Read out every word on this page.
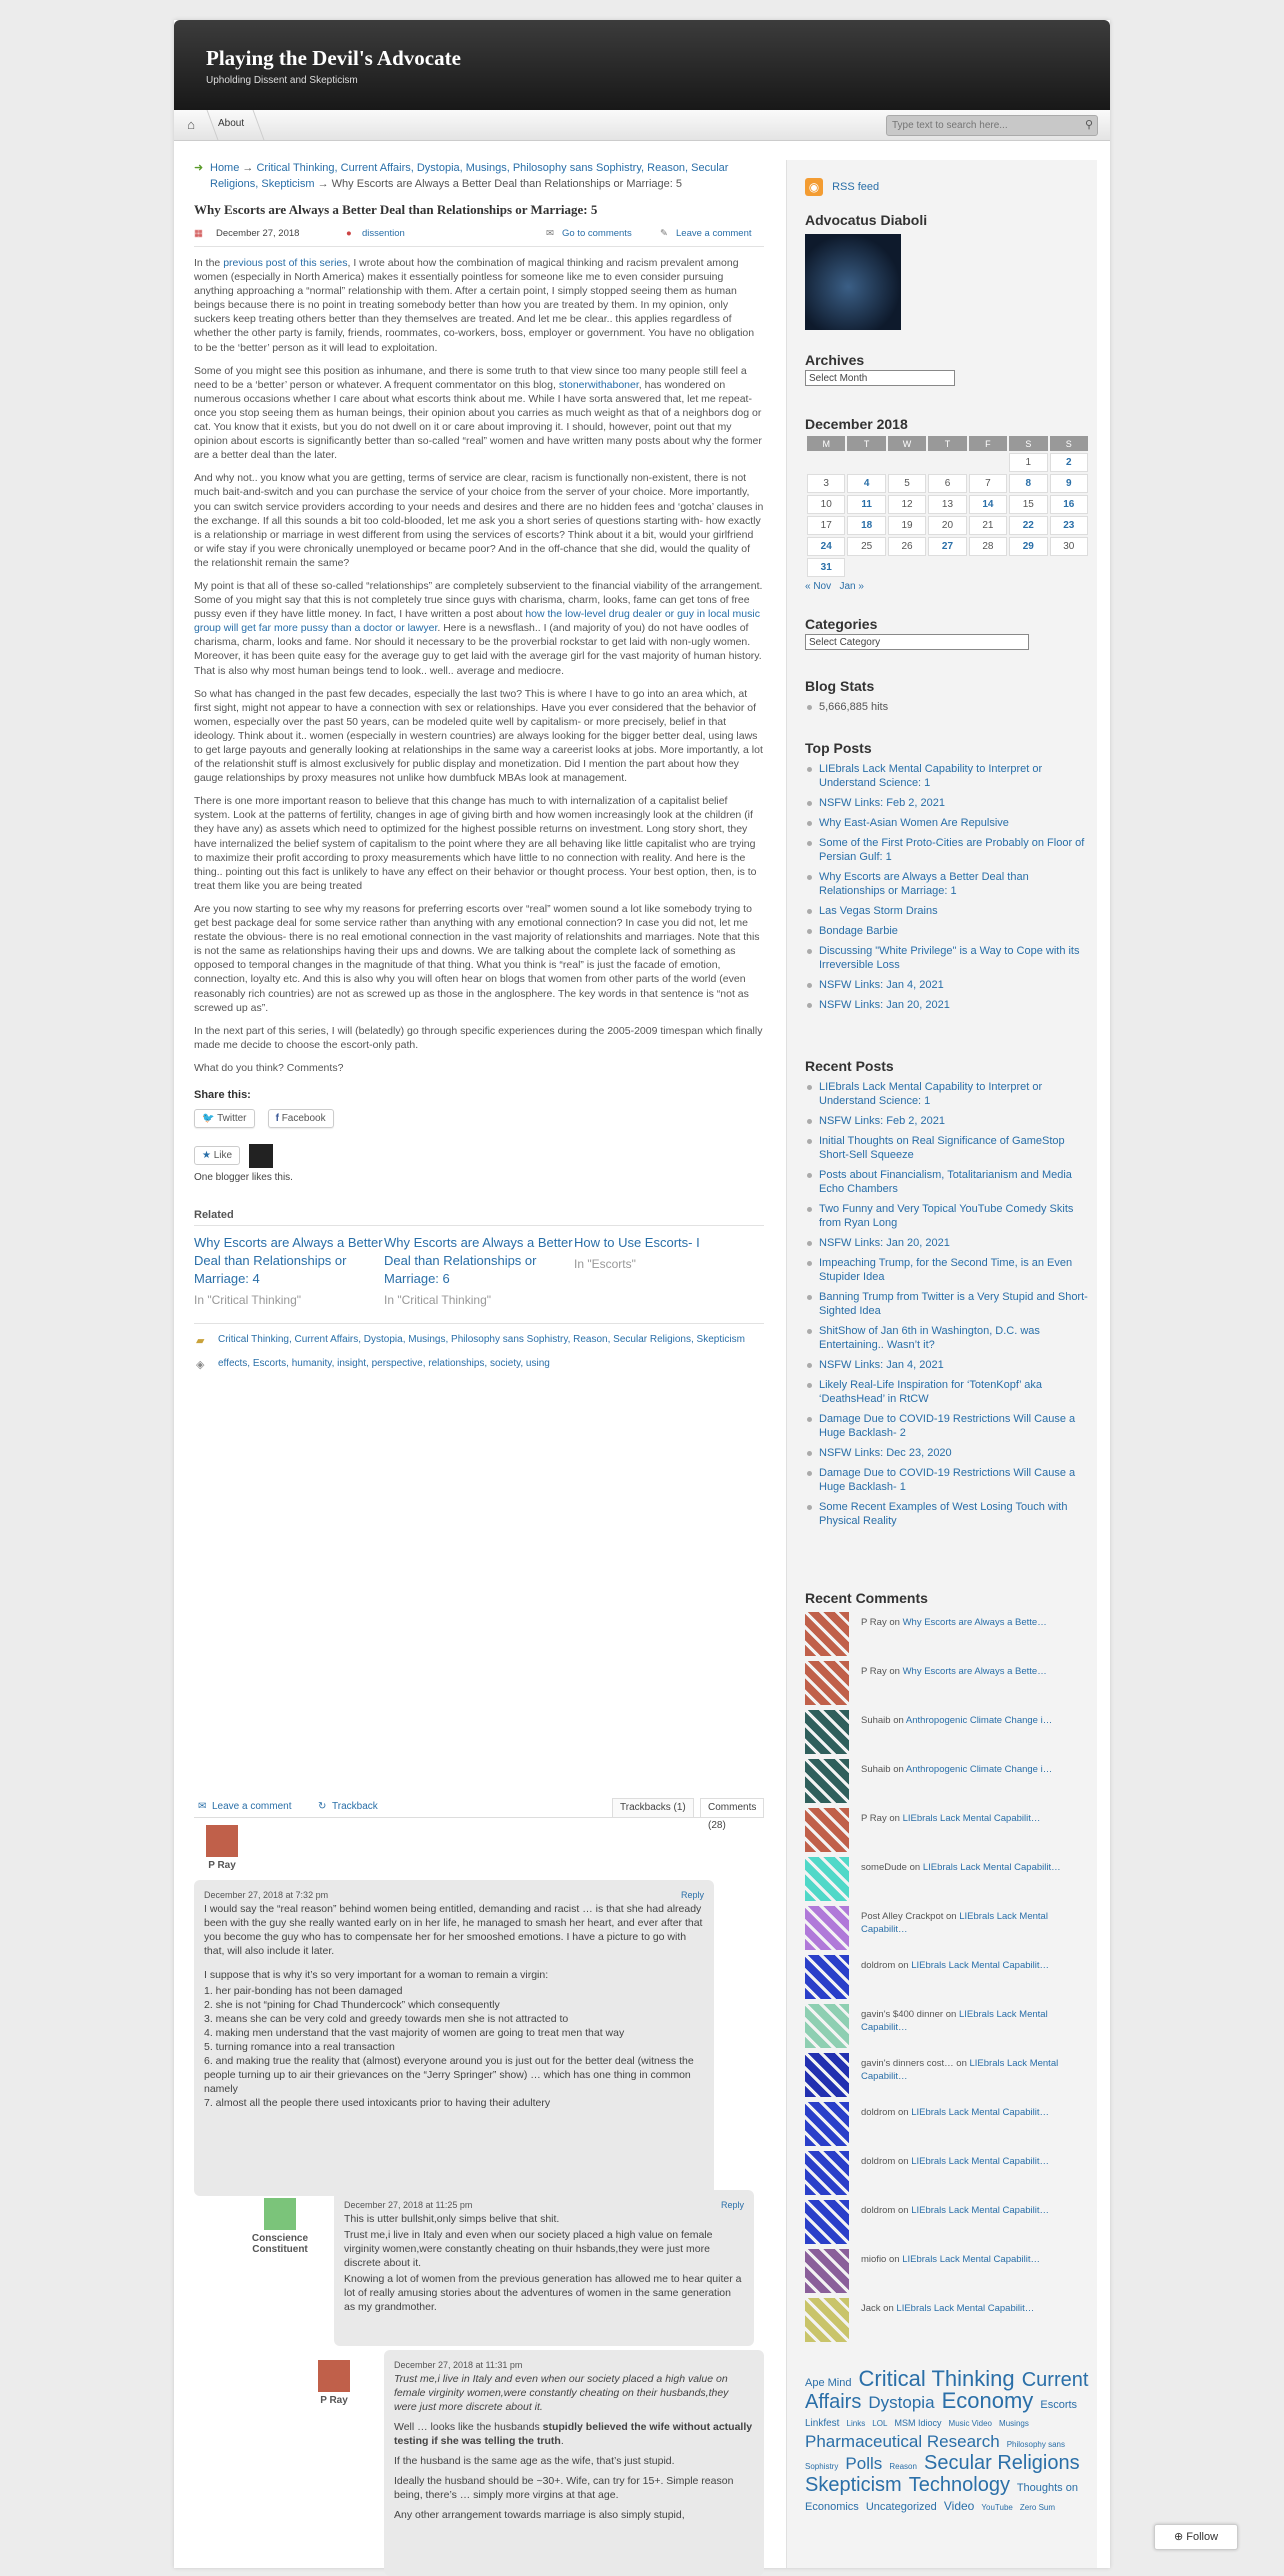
Playing the Devil's Advocate
Upholding Dissent and Skepticism
⌂	About
Type text to search here...	⚲
➜ Home → Critical Thinking, Current Affairs, Dystopia, Musings, Philosophy sans Sophistry, Reason, Secular Religions, Skepticism → Why Escorts are Always a Better Deal than Relationships or Marriage: 5
Why Escorts are Always a Better Deal than Relationships or Marriage: 5
▦ December 27, 2018	● dissention	✉ Go to comments	✎ Leave a comment

In the previous post of this series, I wrote about how the combination of magical thinking and racism prevalent among women (especially in North America) makes it essentially pointless for someone like me to even consider pursuing anything approaching a “normal” relationship with them. After a certain point, I simply stopped seeing them as human beings because there is no point in treating somebody better than how you are treated by them. In my opinion, only suckers keep treating others better than they themselves are treated. And let me be clear.. this applies regardless of whether the other party is family, friends, roommates, co-workers, boss, employer or government. You have no obligation to be the ‘better’ person as it will lead to exploitation.

Some of you might see this position as inhumane, and there is some truth to that view since too many people still feel a need to be a ‘better’ person or whatever. A frequent commentator on this blog, stonerwithaboner, has wondered on numerous occasions whether I care about what escorts think about me. While I have sorta answered that, let me repeat- once you stop seeing them as human beings, their opinion about you carries as much weight as that of a neighbors dog or cat. You know that it exists, but you do not dwell on it or care about improving it. I should, however, point out that my opinion about escorts is significantly better than so-called “real” women and have written many posts about why the former are a better deal than the later.

And why not.. you know what you are getting, terms of service are clear, racism is functionally non-existent, there is not much bait-and-switch and you can purchase the service of your choice from the server of your choice. More importantly, you can switch service providers according to your needs and desires and there are no hidden fees and ‘gotcha’ clauses in the exchange. If all this sounds a bit too cold-blooded, let me ask you a short series of questions starting with- how exactly is a relationship or marriage in west different from using the services of escorts? Think about it a bit, would your girlfriend or wife stay if you were chronically unemployed or became poor? And in the off-chance that she did, would the quality of the relationshit remain the same?

My point is that all of these so-called “relationships” are completely subservient to the financial viability of the arrangement. Some of you might say that this is not completely true since guys with charisma, charm, looks, fame can get tons of free pussy even if they have little money. In fact, I have written a post about how the low-level drug dealer or guy in local music group will get far more pussy than a doctor or lawyer. Here is a newsflash.. I (and majority of you) do not have oodles of charisma, charm, looks and fame. Nor should it necessary to be the proverbial rockstar to get laid with non-ugly women. Moreover, it has been quite easy for the average guy to get laid with the average girl for the vast majority of human history. That is also why most human beings tend to look.. well.. average and mediocre.

So what has changed in the past few decades, especially the last two? This is where I have to go into an area which, at first sight, might not appear to have a connection with sex or relationships. Have you ever considered that the behavior of women, especially over the past 50 years, can be modeled quite well by capitalism- or more precisely, belief in that ideology. Think about it.. women (especially in western countries) are always looking for the bigger better deal, using laws to get large payouts and generally looking at relationships in the same way a careerist looks at jobs. More importantly, a lot of the relationshit stuff is almost exclusively for public display and monetization. Did I mention the part about how they gauge relationships by proxy measures not unlike how dumbfuck MBAs look at management.

There is one more important reason to believe that this change has much to with internalization of a capitalist belief system. Look at the patterns of fertility, changes in age of giving birth and how women increasingly look at the children (if they have any) as assets which need to optimized for the highest possible returns on investment. Long story short, they have internalized the belief system of capitalism to the point where they are all behaving like little capitalist who are trying to maximize their profit according to proxy measurements which have little to no connection with reality. And here is the thing.. pointing out this fact is unlikely to have any effect on their behavior or thought process. Your best option, then, is to treat them like you are being treated

Are you now starting to see why my reasons for preferring escorts over “real” women sound a lot like somebody trying to get best package deal for some service rather than anything with any emotional connection? In case you did not, let me restate the obvious- there is no real emotional connection in the vast majority of relationshits and marriages. Note that this is not the same as relationships having their ups and downs. We are talking about the complete lack of something as opposed to temporal changes in the magnitude of that thing. What you think is “real” is just the facade of emotion, connection, loyalty etc. And this is also why you will often hear on blogs that women from other parts of the world (even reasonably rich countries) are not as screwed up as those in the anglosphere. The key words in that sentence is “not as screwed up as”.

In the next part of this series, I will (belatedly) go through specific experiences during the 2005-2009 timespan which finally made me decide to choose the escort-only path.

What do you think? Comments?

Share this:
🐦 Twitter	f Facebook
★ Like
One blogger likes this.
Related
Why Escorts are Always a Better Deal than Relationships or Marriage: 4
In "Critical Thinking"
Why Escorts are Always a Better Deal than Relationships or Marriage: 6
In "Critical Thinking"
How to Use Escorts- I
In "Escorts"
▰ Critical Thinking, Current Affairs, Dystopia, Musings, Philosophy sans Sophistry, Reason, Secular Religions, Skepticism
◈ effects, Escorts, humanity, insight, perspective, relationships, society, using
✉ Leave a comment	↻ Trackback	Trackbacks (1)	Comments (28)
P Ray
December 27, 2018 at 7:32 pm	Reply

I would say the “real reason” behind women being entitled, demanding and racist … is that she had already been with the guy she really wanted early on in her life, he managed to smash her heart, and ever after that you become the guy who has to compensate her for her smooshed emotions. I have a picture to go with that, will also include it later.

I suppose that is why it’s so very important for a woman to remain a virgin:

1. her pair-bonding has not been damaged
2. she is not “pining for Chad Thundercock” which consequently
3. means she can be very cold and greedy towards men she is not attracted to
4. making men understand that the vast majority of women are going to treat men that way
5. turning romance into a real transaction
6. and making true the reality that (almost) everyone around you is just out for the better deal (witness the people turning up to air their grievances on the “Jerry Springer” show) … which has one thing in common namely
7. almost all the people there used intoxicants prior to having their adultery
Conscience Constituent
December 27, 2018 at 11:25 pm	Reply

This is utter bullshit,only simps belive that shit.

Trust me,i live in Italy and even when our society placed a high value on female virginity women,were constantly cheating on thuir hsbands,they were just more discrete about it.

Knowing a lot of women from the previous generation has allowed me to hear quiter a lot of really amusing stories about the adventures of women in the same generation as my grandmother.

P Ray
December 27, 2018 at 11:31 pm

Trust me,i live in Italy and even when our society placed a high value on female virginity women,were constantly cheating on their husbands,they were just more discrete about it.

Well … looks like the husbands stupidly believed the wife without actually testing if she was telling the truth.

If the husband is the same age as the wife, that’s just stupid.

Ideally the husband should be ~30+. Wife, can try for 15+. Simple reason being, there’s … simply more virgins at that age.

Any other arrangement towards marriage is also simply stupid,

◉ RSS feed
Advocatus Diaboli
Archives
Select Month
December 2018
M	T	W	T	F	S	S
					1	2
3	4	5	6	7	8	9
10	11	12	13	14	15	16
17	18	19	20	21	22	23
24	25	26	27	28	29	30
31						
« Nov Jan »
Categories
Select Category
Blog Stats
5,666,885 hits
Top Posts
LIEbrals Lack Mental Capability to Interpret or Understand Science: 1
NSFW Links: Feb 2, 2021
Why East-Asian Women Are Repulsive
Some of the First Proto-Cities are Probably on Floor of Persian Gulf: 1
Why Escorts are Always a Better Deal than Relationships or Marriage: 1
Las Vegas Storm Drains
Bondage Barbie
Discussing "White Privilege" is a Way to Cope with its Irreversible Loss
NSFW Links: Jan 4, 2021
NSFW Links: Jan 20, 2021
Recent Posts
LIEbrals Lack Mental Capability to Interpret or Understand Science: 1
NSFW Links: Feb 2, 2021
Initial Thoughts on Real Significance of GameStop Short-Sell Squeeze
Posts about Financialism, Totalitarianism and Media Echo Chambers
Two Funny and Very Topical YouTube Comedy Skits from Ryan Long
NSFW Links: Jan 20, 2021
Impeaching Trump, for the Second Time, is an Even Stupider Idea
Banning Trump from Twitter is a Very Stupid and Short-Sighted Idea
ShitShow of Jan 6th in Washington, D.C. was Entertaining.. Wasn’t it?
NSFW Links: Jan 4, 2021
Likely Real-Life Inspiration for ‘TotenKopf’ aka ‘DeathsHead’ in RtCW
Damage Due to COVID-19 Restrictions Will Cause a Huge Backlash- 2
NSFW Links: Dec 23, 2020
Damage Due to COVID-19 Restrictions Will Cause a Huge Backlash- 1
Some Recent Examples of West Losing Touch with Physical Reality
Recent Comments
P Ray on Why Escorts are Always a Bette…
P Ray on Why Escorts are Always a Bette…
Suhaib on Anthropogenic Climate Change i…
Suhaib on Anthropogenic Climate Change i…
P Ray on LIEbrals Lack Mental Capabilit…
someDude on LIEbrals Lack Mental Capabilit…
Post Alley Crackpot on LIEbrals Lack Mental Capabilit…
doldrom on LIEbrals Lack Mental Capabilit…
gavin's $400 dinner on LIEbrals Lack Mental Capabilit…
gavin's dinners cost… on LIEbrals Lack Mental Capabilit…
doldrom on LIEbrals Lack Mental Capabilit…
doldrom on LIEbrals Lack Mental Capabilit…
doldrom on LIEbrals Lack Mental Capabilit…
miofio on LIEbrals Lack Mental Capabilit…
Jack on LIEbrals Lack Mental Capabilit…
Ape Mind Critical Thinking Current Affairs Dystopia Economy Escorts Linkfest Links LOL MSM Idiocy Music Video Musings Pharmaceutical Research Philosophy sans Sophistry Polls Reason Secular Religions Skepticism Technology Thoughts on Economics Uncategorized Video YouTube Zero Sum
⊕ Follow
